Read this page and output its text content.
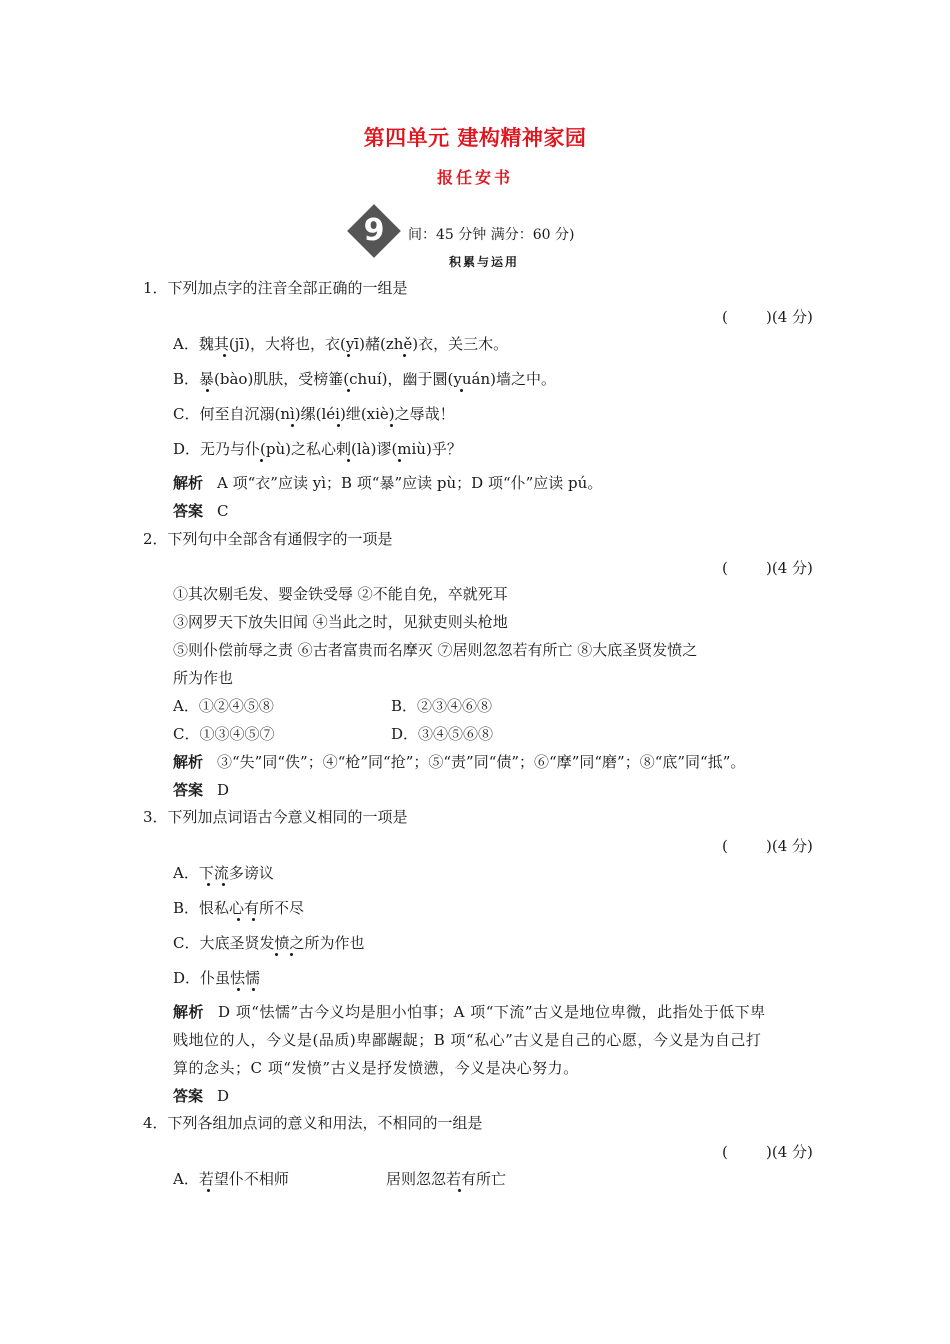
第四单元 建构精神家园
报任安书
9	间：45 分钟 满分：60 分)
积累与运用
1．下列加点字的注音全部正确的一组是
(        )(4 分)
A．魏其(jī)，大将也，衣(yī)赭(zhě)衣，关三木。
B．暴(bào)肌肤，受榜箠(chuí)，幽于圜(yuán)墙之中。
C．何至自沉溺(nì)缧(léi)绁(xiè)之辱哉！
D．无乃与仆(pù)之私心剌(là)谬(miù)乎？
解析 A 项“衣”应读 yì；B 项“暴”应读 pù；D 项“仆”应读 pú。
答案 C
2．下列句中全部含有通假字的一项是
(        )(4 分)
①其次剔毛发、婴金铁受辱 ②不能自免，卒就死耳
③网罗天下放失旧闻 ④当此之时，见狱吏则头枪地
⑤则仆偿前辱之责 ⑥古者富贵而名摩灭 ⑦居则忽忽若有所亡 ⑧大底圣贤发愤之
所为作也
A．①②④⑤⑧	B．②③④⑥⑧
C．①③④⑤⑦	D．③④⑤⑥⑧
解析 ③“失”同“佚”；④“枪”同“抢”；⑤“责”同“债”；⑥“摩”同“磨”；⑧“底”同“抵”。
答案 D
3．下列加点词语古今意义相同的一项是
(        )(4 分)
A．下流多谤议
B．恨私心有所不尽
C．大底圣贤发愤之所为作也
D．仆虽怯懦
解析 D 项“怯懦”古今义均是胆小怕事；A 项“下流”古义是地位卑微，此指处于低下卑
贱地位的人，今义是(品质)卑鄙龌龊；B 项“私心”古义是自己的心愿，今义是为自己打
算的念头；C 项“发愤”古义是抒发愤懑，今义是决心努力。
答案 D
4．下列各组加点词的意义和用法，不相同的一组是
(        )(4 分)
A．若望仆不相师	居则忽忽若有所亡
